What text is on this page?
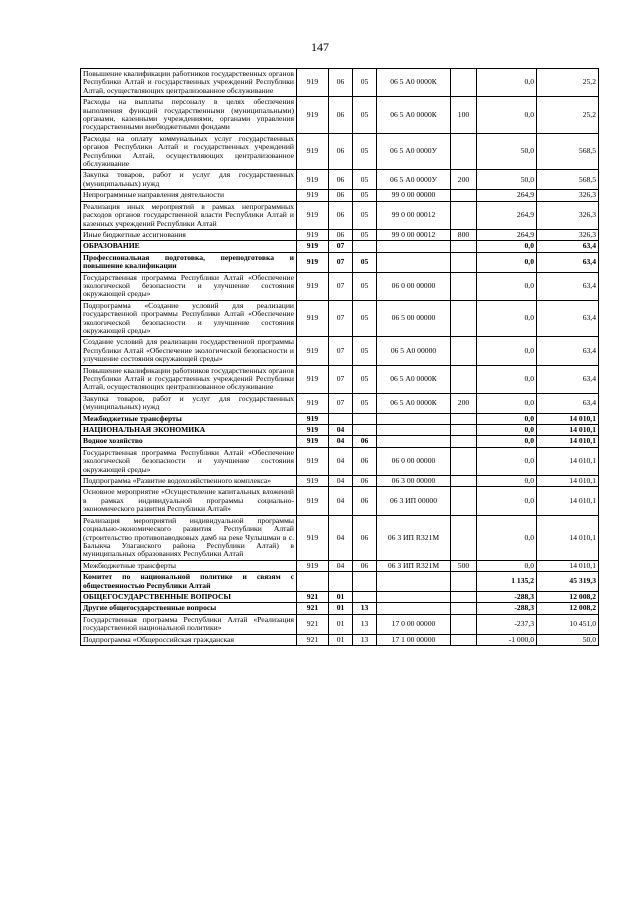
147
Повышение квалификации работников государственных органов Республики Алтай и государственных учреждений Республики Алтай, осуществляющих централизованное обслуживание	919	06	05	06 5 А0 0000К		0,0	25,2
Расходы на выплаты персоналу в целях обеспечения выполнения функций государственными (муниципальными) органами, казенными учреждениями, органами управления государственными внебюджетными фондами	919	06	05	06 5 А0 0000К	100	0,0	25,2
Расходы на оплату коммунальных услуг государственных органов Республики Алтай и государственных учреждений Республики Алтай, осуществляющих централизованное обслуживание	919	06	05	06 5 А0 0000У		50,0	568,5
Закупка товаров, работ и услуг для государственных (муниципальных) нужд	919	06	05	06 5 А0 0000У	200	50,0	568,5
Непрограммные направления деятельности	919	06	05	99 0 00 00000		264,9	326,3
Реализация иных мероприятий в рамках непрограммных расходов органов государственной власти Республики Алтай и казенных учреждений Республики Алтай	919	06	05	99 0 00 00012		264,9	326,3
Иные бюджетные ассигнования	919	06	05	99 0 00 00012	800	264,9	326,3
ОБРАЗОВАНИЕ	919	07				0,0	63,4
Профессиональная подготовка, переподготовка и повышение квалификации	919	07	05			0,0	63,4
Государственная программа Республики Алтай «Обеспечение экологической безопасности и улучшение состояния окружающей среды»	919	07	05	06 0 00 00000		0,0	63,4
Подпрограмма «Создание условий для реализации государственной программы Республики Алтай «Обеспечение экологической безопасности и улучшение состояния окружающей среды»	919	07	05	06 5 00 00000		0,0	63,4
Создание условий для реализации государственной программы Республики Алтай «Обеспечение экологической безопасности и улучшение состояния окружающей среды»	919	07	05	06 5 А0 00000		0,0	63,4
Повышение квалификации работников государственных органов Республики Алтай и государственных учреждений Республики Алтай, осуществляющих централизованное обслуживание	919	07	05	06 5 А0 0000К		0,0	63,4
Закупка товаров, работ и услуг для государственных (муниципальных) нужд	919	07	05	06 5 А0 0000К	200	0,0	63,4
Межбюджетные трансферты	919					0,0	14 010,1
НАЦИОНАЛЬНАЯ ЭКОНОМИКА	919	04				0,0	14 010,1
Водное хозяйство	919	04	06			0,0	14 010,1
Государственная программа Республики Алтай «Обеспечение экологической безопасности и улучшение состояния окружающей среды»	919	04	06	06 0 00 00000		0,0	14 010,1
Подпрограмма «Развитие водохозяйственного комплекса»	919	04	06	06 3 00 00000		0,0	14 010,1
Основное мероприятие «Осуществление капитальных вложений в рамках индивидуальной программы социально-экономического развития Республики Алтай»	919	04	06	06 3 ИП 00000		0,0	14 010,1
Реализация мероприятий индивидуальной программы социально-экономического развития Республики Алтай (строительство противопаводковых дамб на реке Чулышман в с. Балыкча Улаганского района Республики Алтай) в муниципальных образованиях Республики Алтай	919	04	06	06 3 ИП R321М		0,0	14 010,1
Межбюджетные трансферты	919	04	06	06 3 ИП R321М	500	0,0	14 010,1
Комитет по национальной политике и связям с общественностью Республики Алтай						1 135,2	45 319,3
ОБЩЕГОСУДАРСТВЕННЫЕ ВОПРОСЫ	921	01				-288,3	12 008,2
Другие общегосударственные вопросы	921	01	13			-288,3	12 008,2
Государственная программа Республики Алтай «Реализация государственной национальной политики»	921	01	13	17 0 00 00000		-237,3	10 451,0
Подпрограмма «Общероссийская гражданская	921	01	13	17 1 00 00000		-1 000,0	50,0
